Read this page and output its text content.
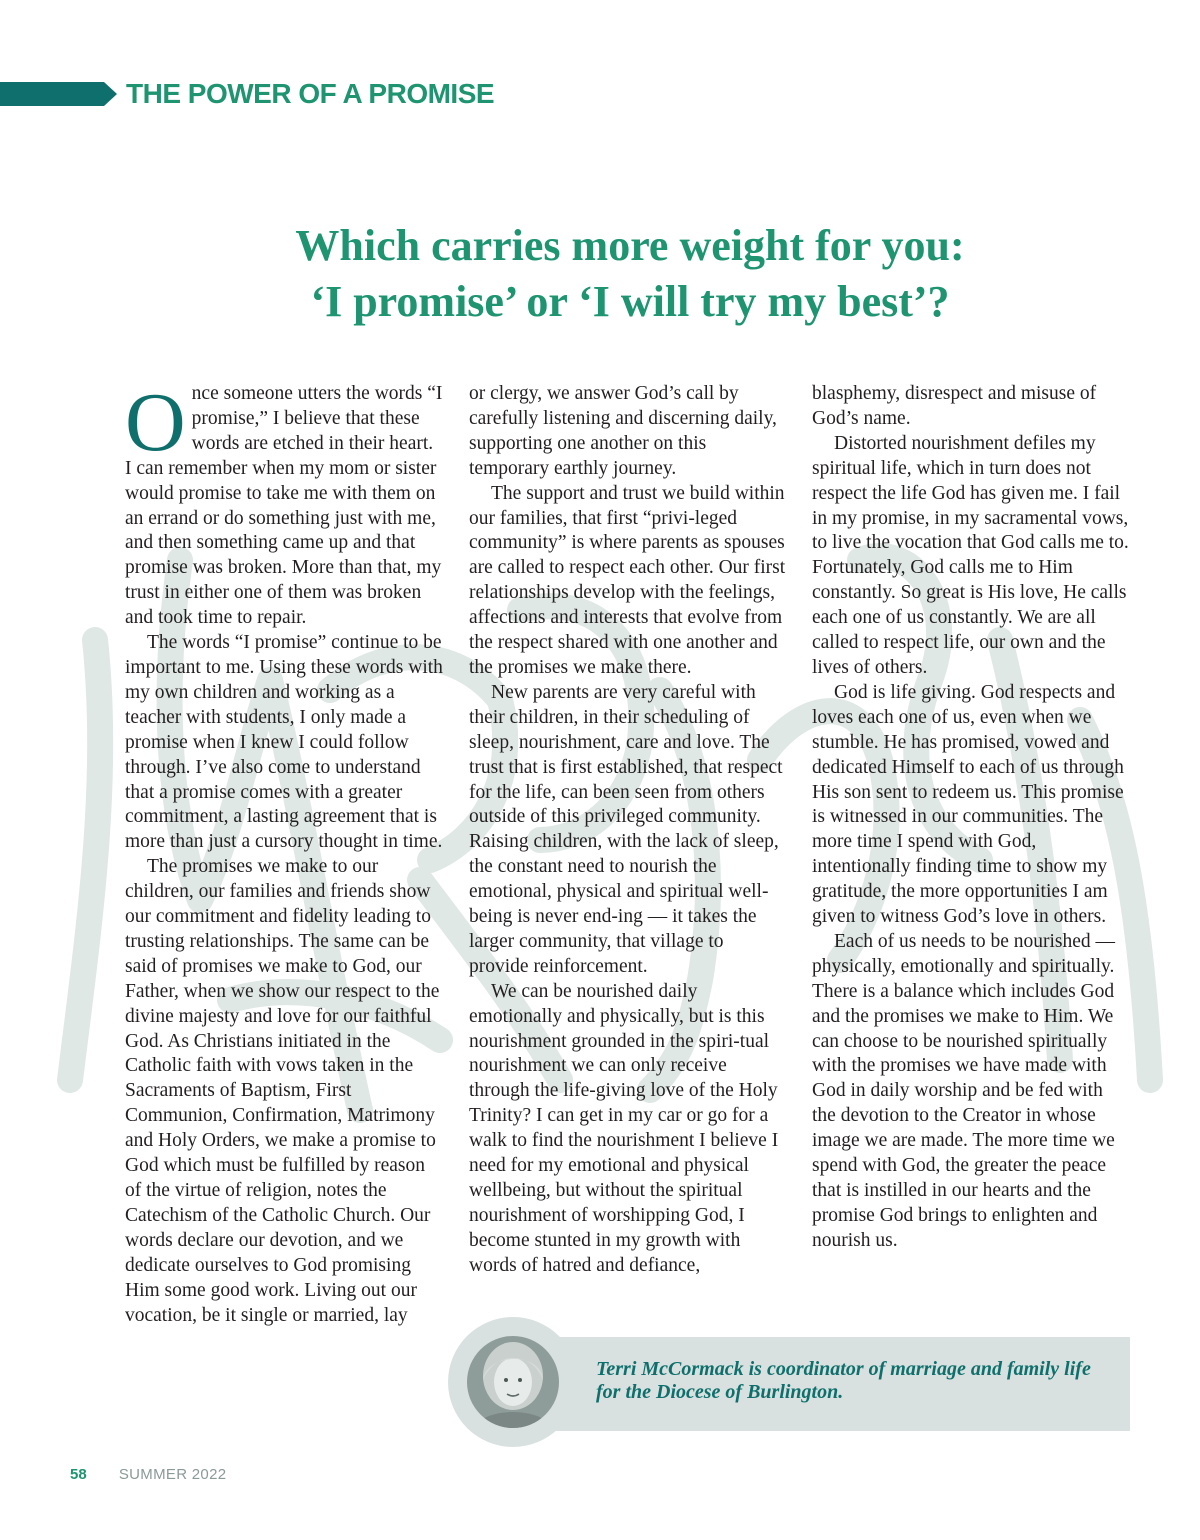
THE POWER OF A PROMISE
Which carries more weight for you:
‘I promise’ or ‘I will try my best’?

Once someone utters the words “I promise,” I believe that these words are etched in their heart. I can remember when my mom or sister would promise to take me with them on an errand or do something just with me, and then something came up and that promise was broken. More than that, my trust in either one of them was broken and took time to repair.

The words “I promise” continue to be important to me. Using these words with my own children and working as a teacher with students, I only made a promise when I knew I could follow through. I’ve also come to understand that a promise comes with a greater commitment, a lasting agreement that is more than just a cursory thought in time.

The promises we make to our children, our families and friends show our commitment and fidelity leading to trusting relationships. The same can be said of promises we make to God, our Father, when we show our respect to the divine majesty and love for our faithful God. As Christians initiated in the Catholic faith with vows taken in the Sacraments of Baptism, First Communion, Confirmation, Matrimony and Holy Orders, we make a promise to God which must be fulfilled by reason of the virtue of religion, notes the Catechism of the Catholic Church. Our words declare our devotion, and we dedicate ourselves to God promising Him some good work. Living out our vocation, be it single or married, lay

or clergy, we answer God’s call by carefully listening and discerning daily, supporting one another on this temporary earthly journey.

The support and trust we build within our families, that first “privi-leged community” is where parents as spouses are called to respect each other. Our first relationships develop with the feelings, affections and interests that evolve from the respect shared with one another and the promises we make there.

New parents are very careful with their children, in their scheduling of sleep, nourishment, care and love. The trust that is first established, that respect for the life, can been seen from others outside of this privileged community. Raising children, with the lack of sleep, the constant need to nourish the emotional, physical and spiritual well-being is never end-ing — it takes the larger community, that village to provide reinforcement.

We can be nourished daily emotionally and physically, but is this nourishment grounded in the spiri-tual nourishment we can only receive through the life-giving love of the Holy Trinity? I can get in my car or go for a walk to find the nourishment I believe I need for my emotional and physical wellbeing, but without the spiritual nourishment of worshipping God, I become stunted in my growth with words of hatred and defiance,

blasphemy, disrespect and misuse of God’s name.

Distorted nourishment defiles my spiritual life, which in turn does not respect the life God has given me. I fail in my promise, in my sacramental vows, to live the vocation that God calls me to. Fortunately, God calls me to Him constantly. So great is His love, He calls each one of us constantly. We are all called to respect life, our own and the lives of others.

God is life giving. God respects and loves each one of us, even when we stumble. He has promised, vowed and dedicated Himself to each of us through His son sent to redeem us. This promise is witnessed in our communities. The more time I spend with God, intentionally finding time to show my gratitude, the more opportunities I am given to witness God’s love in others.

Each of us needs to be nourished — physically, emotionally and spiritually. There is a balance which includes God and the promises we make to Him. We can choose to be nourished spiritually with the promises we have made with God in daily worship and be fed with the devotion to the Creator in whose image we are made. The more time we spend with God, the greater the peace that is instilled in our hearts and the promise God brings to enlighten and nourish us.

Terri McCormack is coordinator of marriage and family life for the Diocese of Burlington.
58 SUMMER 2022
